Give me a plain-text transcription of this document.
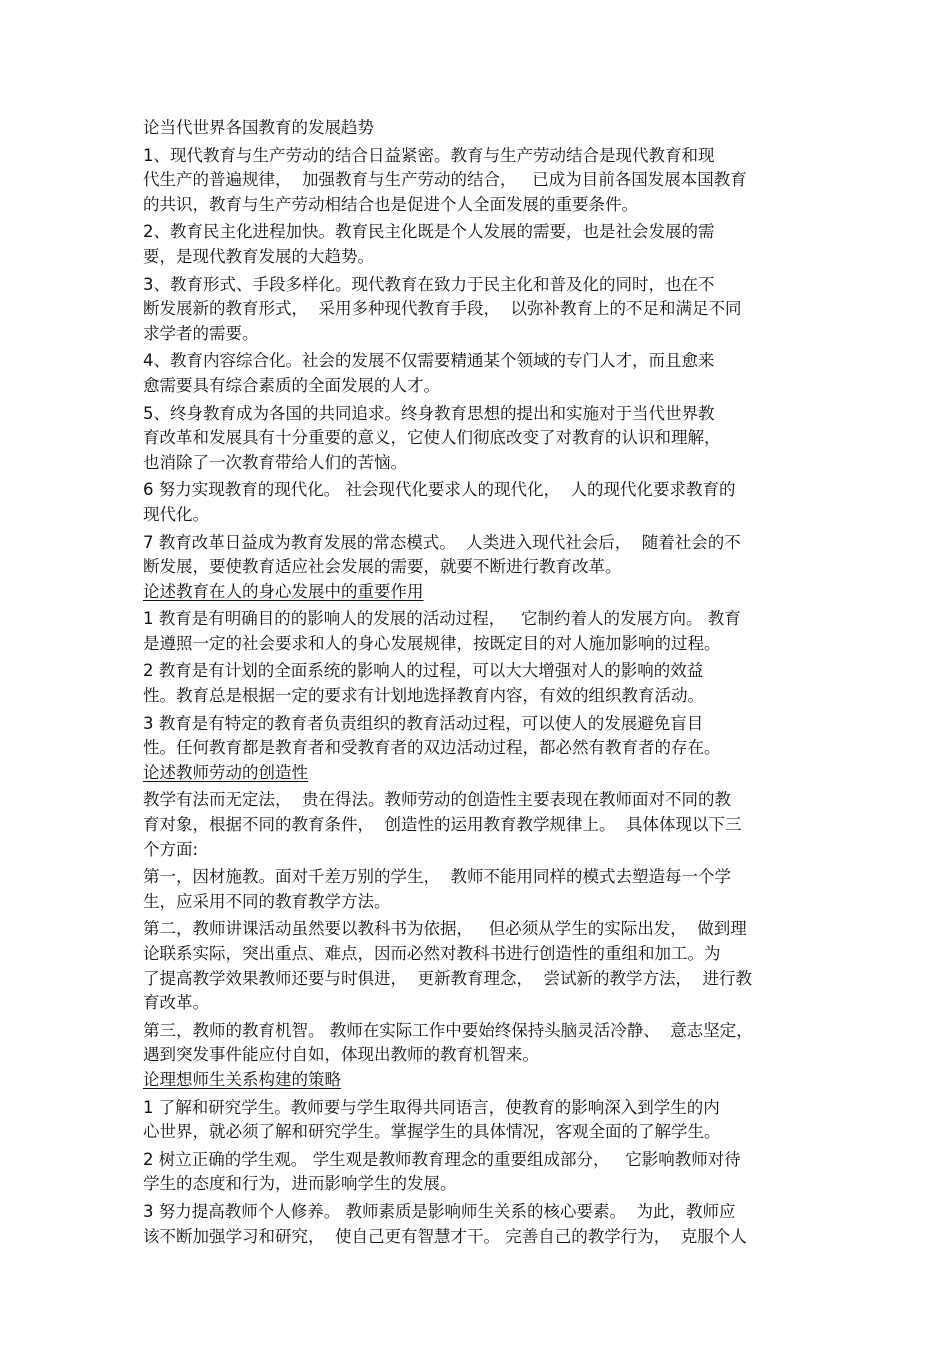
论当代世界各国教育的发展趋势
1、现代教育与生产劳动的结合日益紧密。教育与生产劳动结合是现代教育和现
代生产的普遍规律，  加强教育与生产劳动的结合，   已成为目前各国发展本国教育
的共识，教育与生产劳动相结合也是促进个人全面发展的重要条件。
2、教育民主化进程加快。教育民主化既是个人发展的需要，也是社会发展的需
要，是现代教育发展的大趋势。
3、教育形式、手段多样化。现代教育在致力于民主化和普及化的同时，也在不
断发展新的教育形式，  采用多种现代教育手段，  以弥补教育上的不足和满足不同
求学者的需要。
4、教育内容综合化。社会的发展不仅需要精通某个领域的专门人才，而且愈来
愈需要具有综合素质的全面发展的人才。
5、终身教育成为各国的共同追求。终身教育思想的提出和实施对于当代世界教
育改革和发展具有十分重要的意义，它使人们彻底改变了对教育的认识和理解，
也消除了一次教育带给人们的苦恼。
6 努力实现教育的现代化。 社会现代化要求人的现代化，  人的现代化要求教育的
现代化。
7 教育改革日益成为教育发展的常态模式。  人类进入现代社会后，  随着社会的不
断发展，要使教育适应社会发展的需要，就要不断进行教育改革。
论述教育在人的身心发展中的重要作用
1 教育是有明确目的的影响人的发展的活动过程，   它制约着人的发展方向。 教育
是遵照一定的社会要求和人的身心发展规律，按既定目的对人施加影响的过程。
2 教育是有计划的全面系统的影响人的过程，可以大大增强对人的影响的效益
性。教育总是根据一定的要求有计划地选择教育内容，有效的组织教育活动。
3 教育是有特定的教育者负责组织的教育活动过程，可以使人的发展避免盲目
性。任何教育都是教育者和受教育者的双边活动过程，都必然有教育者的存在。
论述教师劳动的创造性
教学有法而无定法，  贵在得法。教师劳动的创造性主要表现在教师面对不同的教
育对象，根据不同的教育条件，  创造性的运用教育教学规律上。  具体体现以下三
个方面:
第一，因材施教。面对千差万别的学生，  教师不能用同样的模式去塑造每一个学
生，应采用不同的教育教学方法。
第二，教师讲课活动虽然要以教科书为依据，   但必须从学生的实际出发，  做到理
论联系实际，突出重点、难点，因而必然对教科书进行创造性的重组和加工。为
了提高教学效果教师还要与时俱进，  更新教育理念，  尝试新的教学方法，  进行教
育改革。
第三，教师的教育机智。 教师在实际工作中要始终保持头脑灵活冷静、  意志坚定，
遇到突发事件能应付自如，体现出教师的教育机智来。
论理想师生关系构建的策略
1 了解和研究学生。教师要与学生取得共同语言，使教育的影响深入到学生的内
心世界，就必须了解和研究学生。掌握学生的具体情况，客观全面的了解学生。
2 树立正确的学生观。 学生观是教师教育理念的重要组成部分，   它影响教师对待
学生的态度和行为，进而影响学生的发展。
3 努力提高教师个人修养。 教师素质是影响师生关系的核心要素。  为此，教师应
该不断加强学习和研究，  使自己更有智慧才干。 完善自己的教学行为，  克服个人
